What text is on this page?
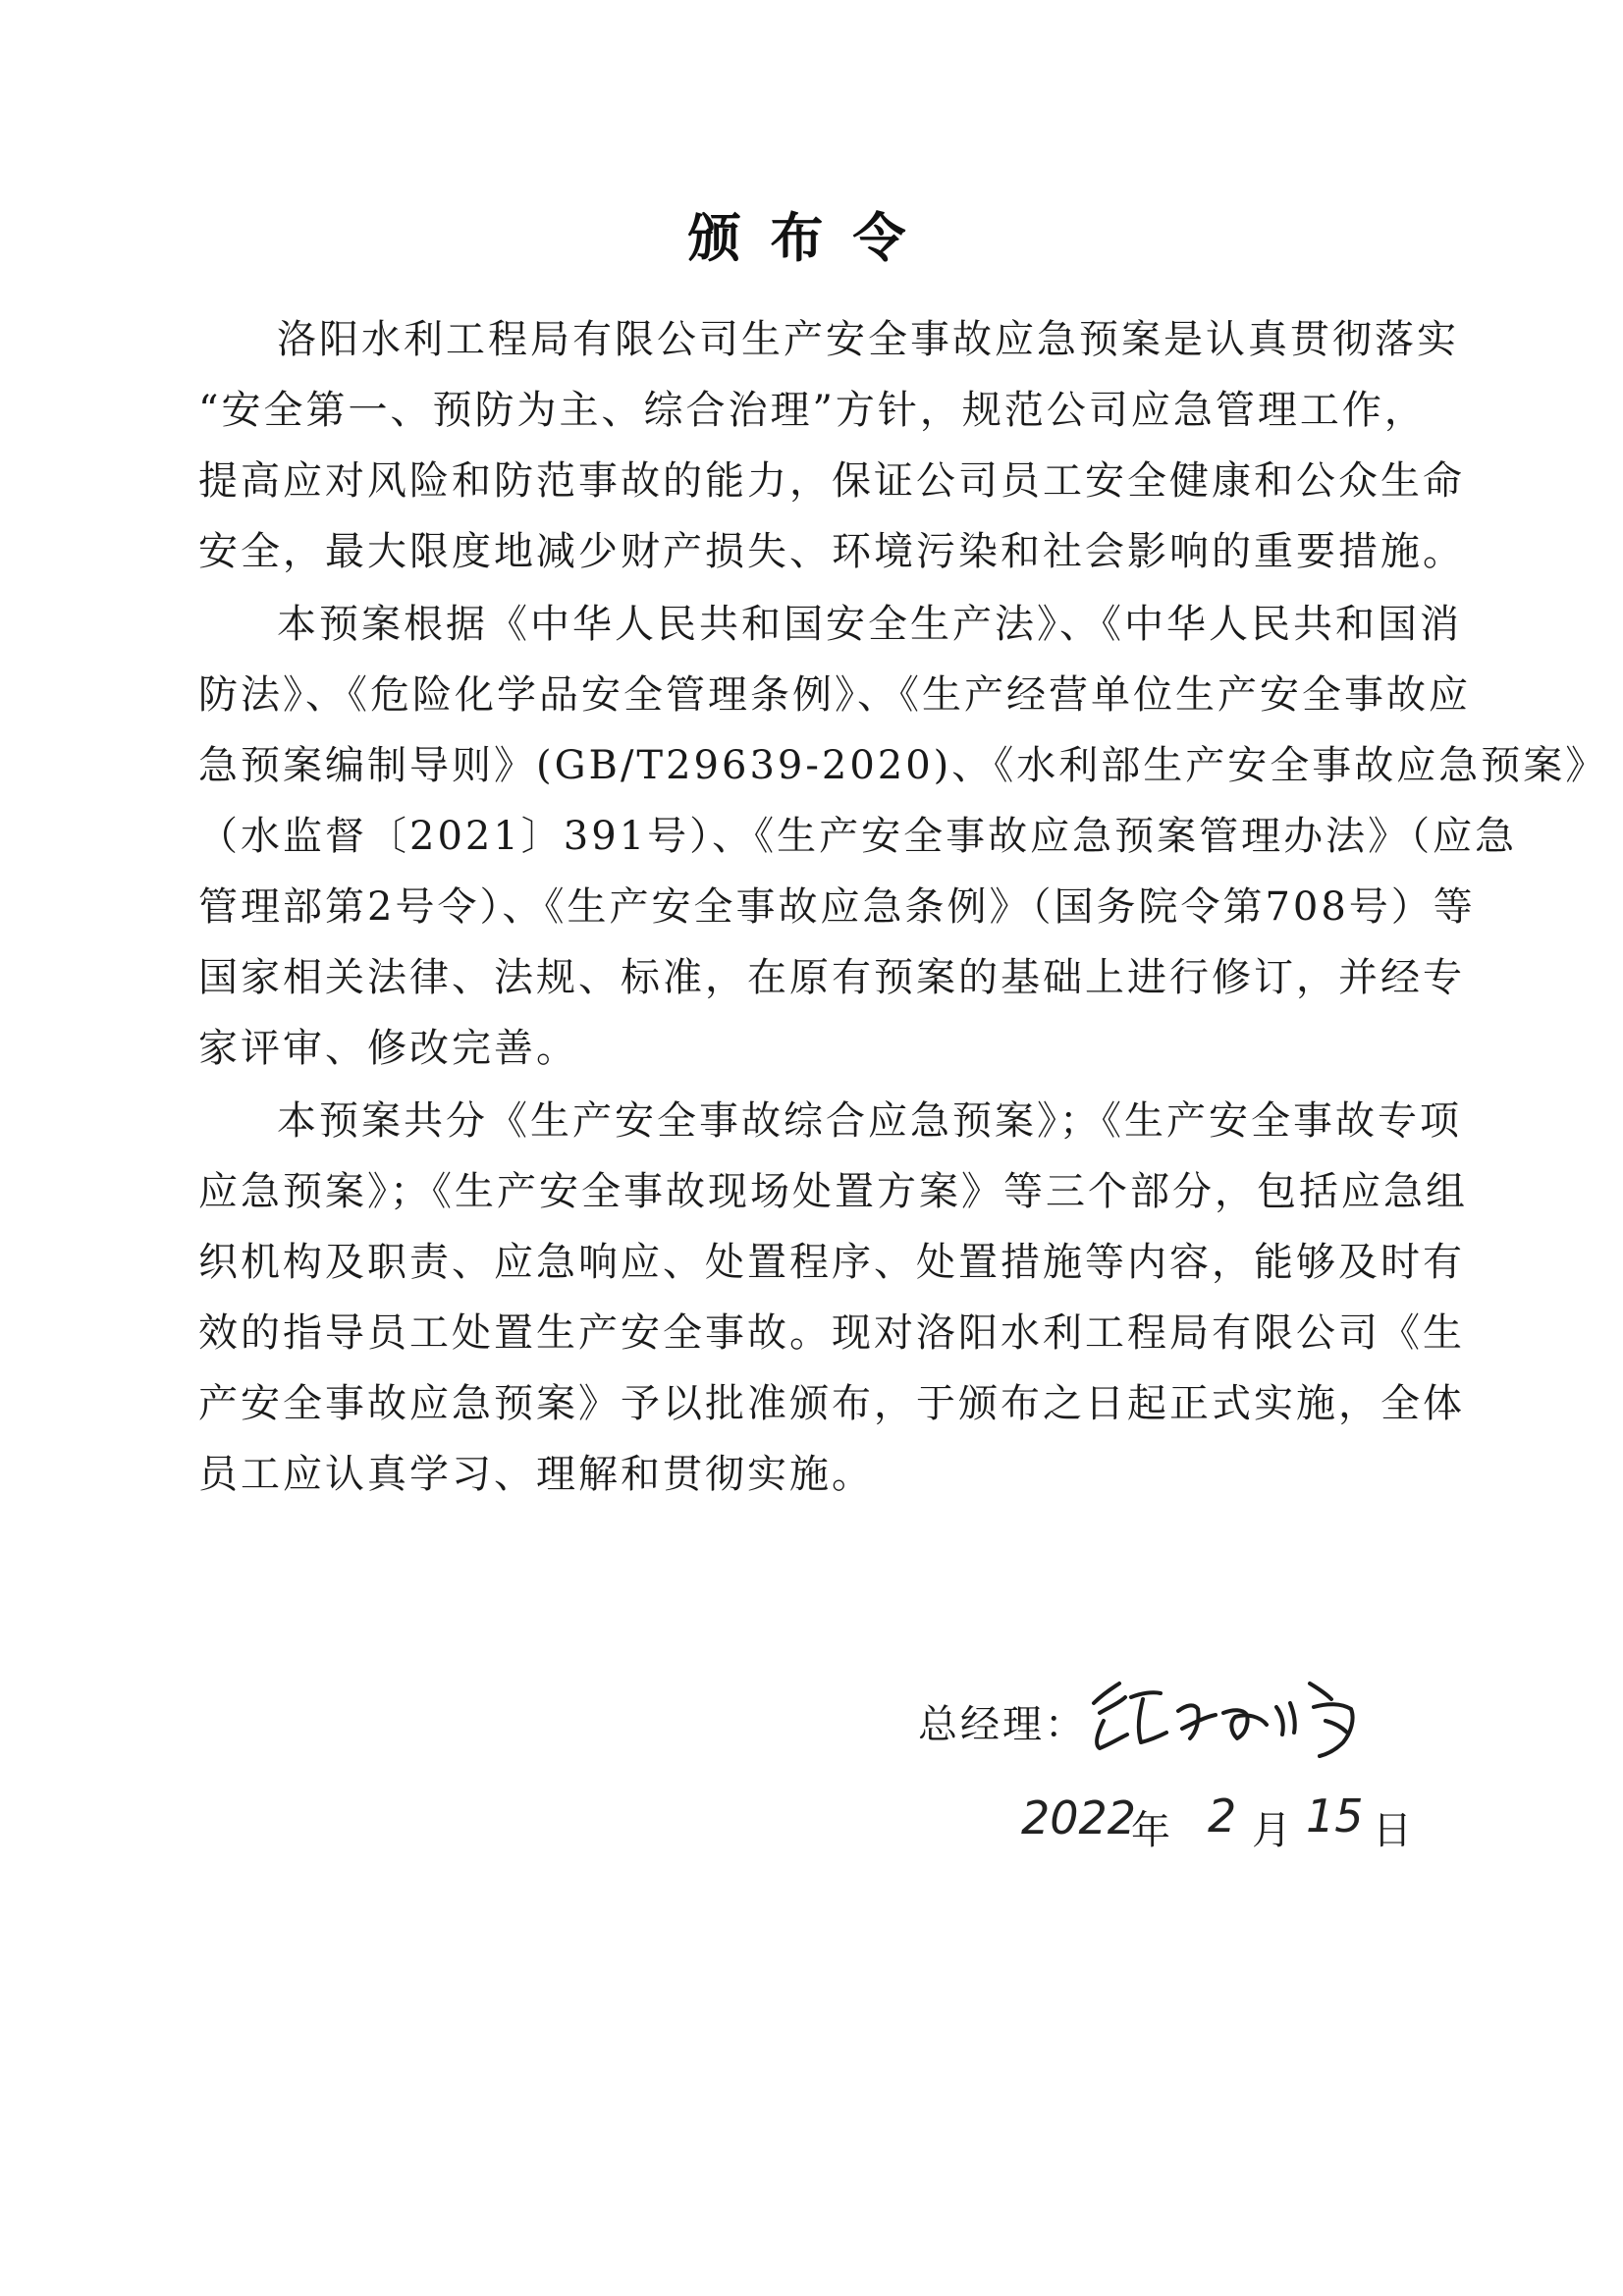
颁布令

洛阳水利工程局有限公司生产安全事故应急预案是认真贯彻落实
“安全第一、预防为主、综合治理”方针，规范公司应急管理工作，
提高应对风险和防范事故的能力，保证公司员工安全健康和公众生命
安全，最大限度地减少财产损失、环境污染和社会影响的重要措施。

本预案根据《中华人民共和国安全生产法》、《中华人民共和国消
防法》、《危险化学品安全管理条例》、《生产经营单位生产安全事故应
急预案编制导则》(GB/T29639-2020)、《水利部生产安全事故应急预案》
（水监督〔2021〕391号）、《生产安全事故应急预案管理办法》（应急
管理部第2号令）、《生产安全事故应急条例》（国务院令第708号）等
国家相关法律、法规、标准，在原有预案的基础上进行修订，并经专
家评审、修改完善。

本预案共分《生产安全事故综合应急预案》；《生产安全事故专项
应急预案》；《生产安全事故现场处置方案》等三个部分，包括应急组
织机构及职责、应急响应、处置程序、处置措施等内容，能够及时有
效的指导员工处置生产安全事故。现对洛阳水利工程局有限公司《生
产安全事故应急预案》予以批准颁布，于颁布之日起正式实施，全体
员工应认真学习、理解和贯彻实施。

总经理：
2022
年 2 月 15 日
